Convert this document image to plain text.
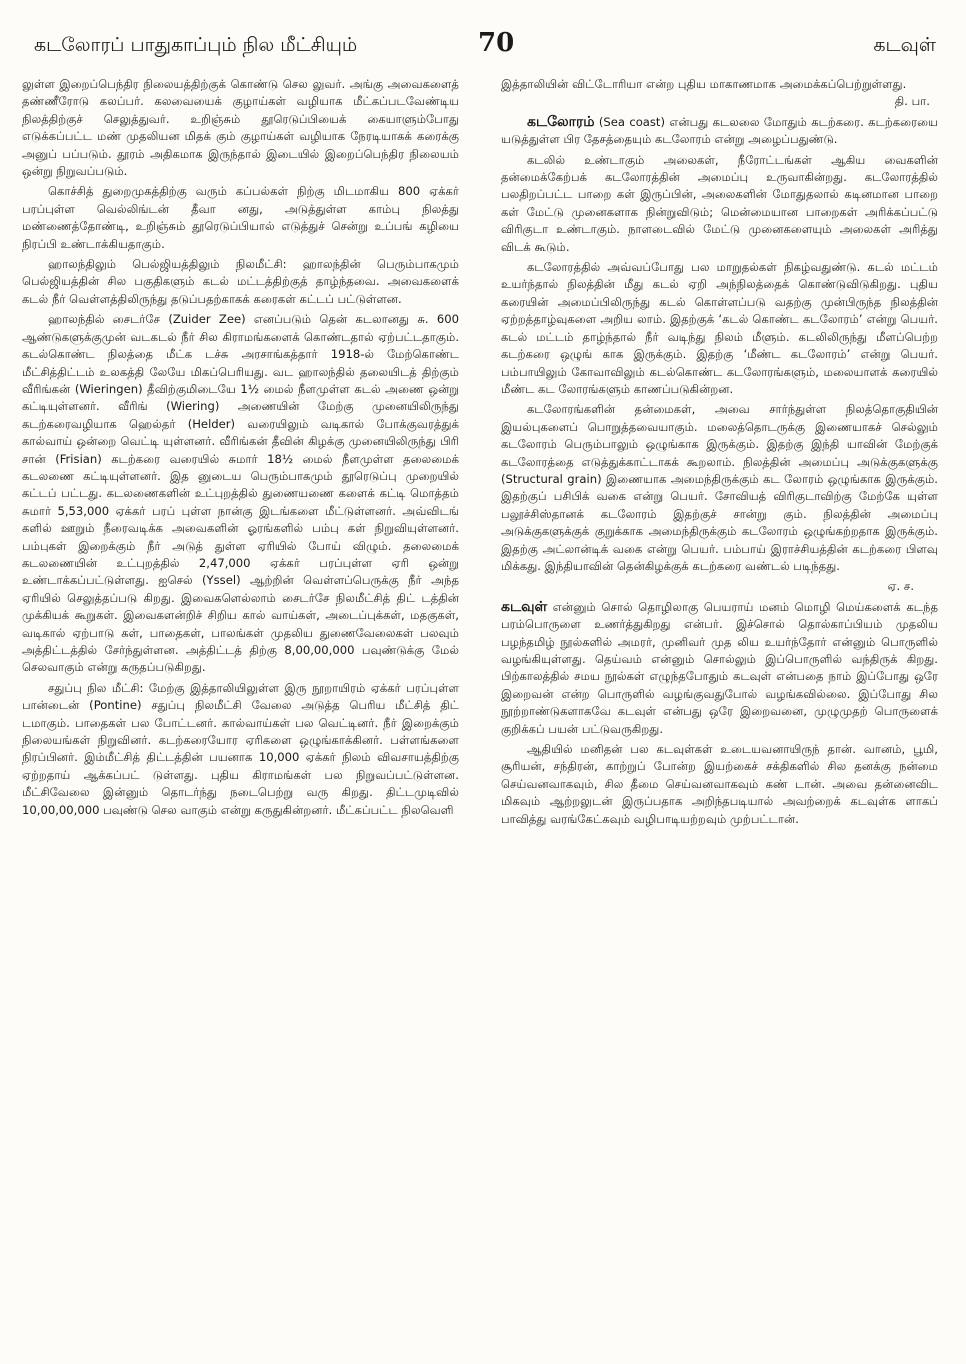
கடலோரப் பாதுகாப்பும் நில மீட்சியும்	70	கடவுள்

லுள்ள இறைப்பெந்திர நிலையத்திற்குக் கொண்டு செல லுவர். அங்கு அவைகளைத் தண்ணீரோடு கலப்பர். கலவையைக் குழாய்கள் வழியாக மீட்கப்படவேண்டிய நிலத்திற்குச் செலுத்துவர். உறிஞ்சும் தூரெடுப்பியைக் கையாளும்போது எடுக்கப்பட்ட மண் முதலியன மிதக் கும் குழாய்கள் வழியாக நேரடியாகக் கரைக்கு அனுப் பப்படும். தூரம் அதிகமாக இருந்தால் இடையில் இறைப்பெந்திர நிலையம் ஒன்று நிறுவப்படும்.

கொச்சித் துறைமுகத்திற்கு வரும் கப்பல்கள் நிற்கு மிடமாகிய 800 ஏக்கர் பரப்புள்ள வெல்லிங்டன் தீவா னது, அடுத்துள்ள காம்பு நிலத்து மண்ணைத்தோண்டி, உறிஞ்சும் தூரெடுப்பியால் எடுத்துச் சென்று உப்பங் கழியை நிரப்பி உண்டாக்கியதாகும்.

ஹாலந்திலும் பெல்ஜியத்திலும் நிலமீட்சி: ஹாலந்தின் பெரும்பாகமும் பெல்ஜியத்தின் சில பகுதிகளும் கடல் மட்டத்திற்குத் தாழ்ந்தவை. அவைகளைக் கடல் நீர் வெள்ளத்திலிருந்து தடுப்பதற்காகக் கரைகள் கட்டப் பட்டுள்ளன.

ஹாலந்தில் சைடர்சே (Zuider Zee) எனப்படும் தென் கடலானது சு. 600 ஆண்டுகளுக்குமுன் வடகடல் நீர் சில கிராமங்களைக் கொண்டதால் ஏற்பட்டதாகும். கடல்கொண்ட நிலத்தை மீட்க டச்சு அரசாங்கத்தார் 1918-ல் மேற்கொண்ட மீட்சித்திட்டம் உலகத்தி லேயே மிகப்பெரியது. வட ஹாலந்தில் தலையிடத் திற்கும் வீரிங்கன் (Wieringen) தீவிற்குமிடையே 1½ மைல் நீளமுள்ள கடல் அணை ஒன்று கட்டியுள்ளனர். வீரிங் (Wiering) அணையின் மேற்கு முனையிலிருந்து கடற்கரைவழியாக ஹெல்தர் (Helder) வரையிலும் வடிகால் போக்குவரத்துக் கால்வாய் ஒன்றை வெட்டி யுள்ளனர். வீரிங்கன் தீவின் கிழக்கு முனையிலிருந்து பிரி சான் (Frisian) கடற்கரை வரையில் சுமார் 18½ மைல் நீளமுள்ள தலைமைக் கடலணை கட்டியுள்ளனர். இத னுடைய பெரும்பாகமும் தூரெடுப்பு முறையில் கட்டப் பட்டது. கடலணைகளின் உட்புறத்தில் துணையணை களைக் கட்டி மொத்தம் சுமார் 5,53,000 ஏக்கர் பரப் புள்ள நான்கு இடங்களை மீட்டுள்ளனர். அவ்விடங் களில் ஊறும் நீரைவடிக்க அவைகளின் ஓரங்களில் பம்பு கள் நிறுவியுள்ளனர். பம்புகள் இறைக்கும் நீர் அடுத் துள்ள ஏரியில் போய் விழும். தலைமைக் கடலணையின் உட்புறத்தில் 2,47,000 ஏக்கர் பரப்புள்ள ஏரி ஒன்று உண்டாக்கப்பட்டுள்ளது. ஐசெல் (Yssel) ஆற்றின் வெள்ளப்பெருக்கு நீர் அந்த ஏரியில் செலுத்தப்படு கிறது. இவைகளெல்லாம் சைடர்சே நிலமீட்சித் திட் டத்தின் முக்கியக் கூறுகள். இவைகளன்றிச் சிறிய கால் வாய்கள், அடைப்புக்கள், மதகுகள், வடிகால் ஏற்பாடு கள், பாதைகள், பாலங்கள் முதலிய துணைவேலைகள் பலவும் அத்திட்டத்தில் சேர்ந்துள்ளன. அத்திட்டத் திற்கு 8,00,00,000 பவுண்டுக்கு மேல் செலவாகும் என்று கருதப்படுகிறது.

சதுப்பு நில மீட்சி: மேற்கு இத்தாலியிலுள்ள இரு நூறாயிரம் ஏக்கர் பரப்புள்ள பான்டைன் (Pontine) சதுப்பு நிலமீட்சி வேலை அடுத்த பெரிய மீட்சித் திட் டமாகும். பாதைகள் பல போட்டனர். கால்வாய்கள் பல வெட்டினர். நீர் இறைக்கும் நிலையங்கள் நிறுவினர். கடற்கரையோர ஏரிகளை ஒழுங்காக்கினர். பள்ளங்களை நிரப்பினர். இம்மீட்சித் திட்டத்தின் பயனாக 10,000 ஏக்கர் நிலம் விவசாயத்திற்கு ஏற்றதாய் ஆக்கப்பட் டுள்ளது. புதிய கிராமங்கள் பல நிறுவப்பட்டுள்ளன. மீட்சிவேலை இன்னும் தொடர்ந்து நடைபெற்று வரு கிறது. திட்டமுடிவில் 10,00,00,000 பவுண்டு செல வாகும் என்று கருதுகின்றனர். மீட்கப்பட்ட நிலவெளி

இத்தாலியின் விட்டோரியா என்ற புதிய மாகாணமாக அமைக்கப்பெற்றுள்ளது.
தி. பா.

கடலோரம் (Sea coast) என்பது கடலலை மோதும் கடற்கரை. கடற்கரையை யடுத்துள்ள பிர தேசத்தையும் கடலோரம் என்று அழைப்பதுண்டு.

கடலில் உண்டாகும் அலைகள், நீரோட்டங்கள் ஆகிய வைகளின் தன்மைக்கேற்பக் கடலோரத்தின் அமைப்பு உருவாகின்றது. கடலோரத்தில் பலதிறப்பட்ட பாறை கள் இருப்பின், அலைகளின் மோதுதலால் கடினமான பாறை கள் மேட்டு முனைகளாக நின்றுவிடும்; மென்மையான பாறைகள் அரிக்கப்பட்டு விரிகுடா உண்டாகும். நாளடைவில் மேட்டு முனைகளையும் அலைகள் அரித்து விடக் கூடும்.

கடலோரத்தில் அவ்வப்போது பல மாறுதல்கள் நிகழ்வதுண்டு. கடல் மட்டம் உயர்ந்தால் நிலத்தின் மீது கடல் ஏறி அந்நிலத்தைக் கொண்டுவிடுகிறது. புதிய கரையின் அமைப்பிலிருந்து கடல் கொள்ளப்படு வதற்கு முன்பிருந்த நிலத்தின் ஏற்றத்தாழ்வுகளை அறிய லாம். இதற்குக் ‘கடல் கொண்ட கடலோரம்’ என்று பெயர். கடல் மட்டம் தாழ்ந்தால் நீர் வடிந்து நிலம் மீளும். கடலிலிருந்து மீளப்பெற்ற கடற்கரை ஒழுங் காக இருக்கும். இதற்கு ‘மீண்ட கடலோரம்’ என்று பெயர். பம்பாயிலும் கோவாவிலும் கடல்கொண்ட கடலோரங்களும், மலையாளக் கரையில் மீண்ட கட லோரங்களும் காணப்படுகின்றன.

கடலோரங்களின் தன்மைகள், அவை சார்ந்துள்ள நிலத்தொகுதியின் இயல்புகளைப் பொறுத்தவையாகும். மலைத்தொடருக்கு இணையாகச் செல்லும் கடலோரம் பெரும்பாலும் ஒழுங்காக இருக்கும். இதற்கு இந்தி யாவின் மேற்குக் கடலோரத்தை எடுத்துக்காட்டாகக் கூறலாம். நிலத்தின் அமைப்பு அடுக்குகளுக்கு (Structural grain) இணையாக அமைந்திருக்கும் கட லோரம் ஒழுங்காக இருக்கும். இதற்குப் பசிபிக் வகை என்று பெயர். சோவியத் விரிகுடாவிற்கு மேற்கே யுள்ள பலூச்சிஸ்தானக் கடலோரம் இதற்குச் சான்று கும். நிலத்தின் அமைப்பு அடுக்குகளுக்குக் குறுக்காக அமைந்திருக்கும் கடலோரம் ஒழுங்கற்றதாக இருக்கும். இதற்கு அட்லான்டிக் வகை என்று பெயர். பம்பாய் இராச்சியத்தின் கடற்கரை பிளவு மிக்கது. இந்தியாவின் தென்கிழக்குக் கடற்கரை வண்டல் படிந்தது.

ஏ. ச.

கடவுள் என்னும் சொல் தொழிலாகு பெயராய் மனம் மொழி மெய்களைக் கடந்த பரம்பொருளை உணர்த்துகிறது என்பர். இச்சொல் தொல்காப்பியம் முதலிய பழந்தமிழ் நூல்களில் அமரர், முனிவர் முத லிய உயர்ந்தோர் என்னும் பொருளில் வழங்கியுள்ளது. தெய்வம் என்னும் சொல்லும் இப்பொருளில் வந்திருக் கிறது. பிற்காலத்தில் சமய நூல்கள் எழுந்தபோதும் கடவுள் என்பதை நாம் இப்போது ஒரே இறைவன் என்ற பொருளில் வழங்குவதுபோல் வழங்கவில்லை. இப்போது சில நூற்றாண்டுகளாகவே கடவுள் என்பது ஒரே இறைவனை, முழுமுதற் பொருளைக் குறிக்கப் பயன் பட்டுவருகிறது.

ஆதியில் மனிதன் பல கடவுள்கள் உடையவனாயிருந் தான். வானம், பூமி, சூரியன், சந்திரன், காற்றுப் போன்ற இயற்கைச் சக்திகளில் சில தனக்கு நன்மை செய்வனவாகவும், சில தீமை செய்வனவாகவும் கண் டான். அவை தன்னைவிட மிகவும் ஆற்றலுடன் இருப்பதாக அறிந்தபடியால் அவற்றைக் கடவுள்க ளாகப் பாவித்து வரங்கேட்கவும் வழிபாடியற்றவும் முற்பட்டான்.
